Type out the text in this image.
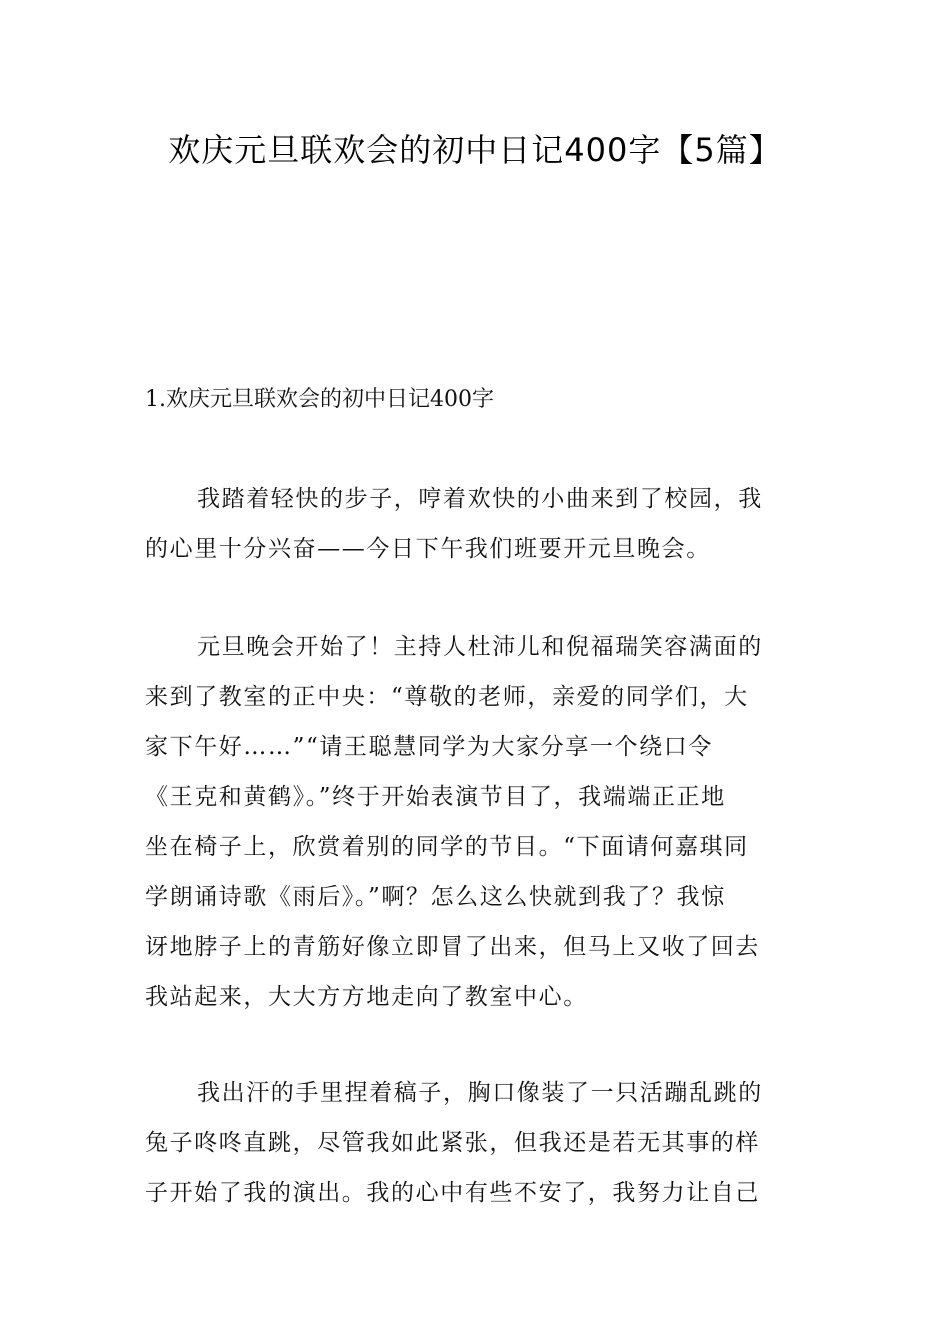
欢庆元旦联欢会的初中日记400字【5篇】
1.欢庆元旦联欢会的初中日记400字

我踏着轻快的步子，哼着欢快的小曲来到了校园，我
的心里十分兴奋——今日下午我们班要开元旦晚会。

元旦晚会开始了！主持人杜沛儿和倪福瑞笑容满面的
来到了教室的正中央：“尊敬的老师，亲爱的同学们，大
家下午好……”“请王聪慧同学为大家分享一个绕口令
《王克和黄鹤》。”终于开始表演节目了，我端端正正地
坐在椅子上，欣赏着别的同学的节目。“下面请何嘉琪同
学朗诵诗歌《雨后》。”啊？怎么这么快就到我了？我惊
讶地脖子上的青筋好像立即冒了出来，但马上又收了回去
我站起来，大大方方地走向了教室中心。

我出汗的手里捏着稿子，胸口像装了一只活蹦乱跳的
兔子咚咚直跳，尽管我如此紧张，但我还是若无其事的样
子开始了我的演出。我的心中有些不安了，我努力让自己
